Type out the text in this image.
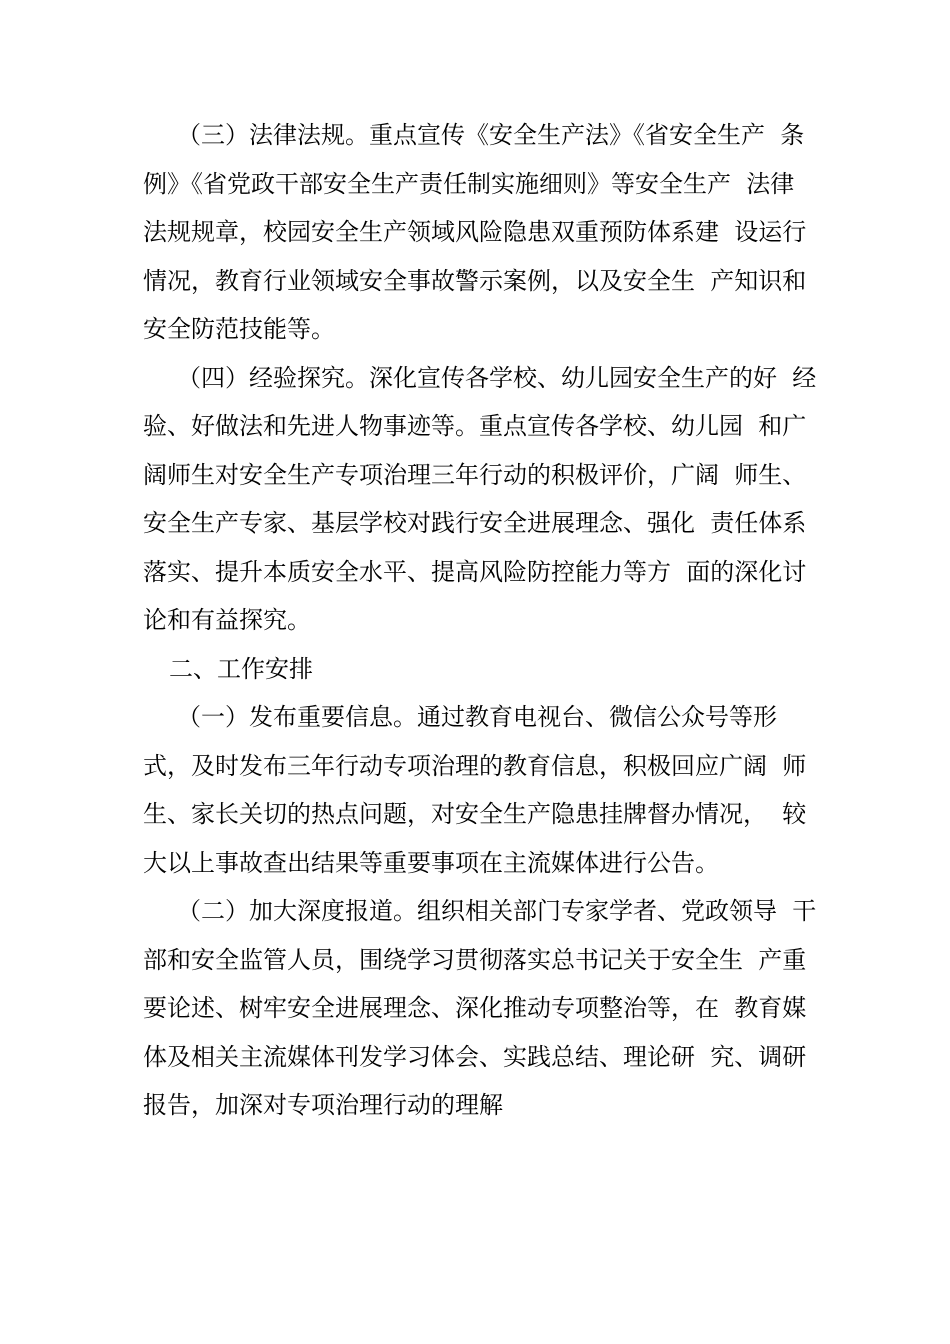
（三）法律法规。重点宣传《安全生产法》《省安全生产  条
例》《省党政干部安全生产责任制实施细则》等安全生产  法律
法规规章，校园安全生产领域风险隐患双重预防体系建  设运行
情况，教育行业领域安全事故警示案例，以及安全生  产知识和
安全防范技能等。
（四）经验探究。深化宣传各学校、幼儿园安全生产的好  经
验、好做法和先进人物事迹等。重点宣传各学校、幼儿园  和广
阔师生对安全生产专项治理三年行动的积极评价，广阔  师生、
安全生产专家、基层学校对践行安全进展理念、强化  责任体系
落实、提升本质安全水平、提高风险防控能力等方  面的深化讨
论和有益探究。
二、工作安排
（一）发布重要信息。通过教育电视台、微信公众号等形
式，及时发布三年行动专项治理的教育信息，积极回应广阔  师
生、家长关切的热点问题，对安全生产隐患挂牌督办情况，  较
大以上事故查出结果等重要事项在主流媒体进行公告。
（二）加大深度报道。组织相关部门专家学者、党政领导  干
部和安全监管人员，围绕学习贯彻落实总书记关于安全生  产重
要论述、树牢安全进展理念、深化推动专项整治等，在  教育媒
体及相关主流媒体刊发学习体会、实践总结、理论研  究、调研
报告，加深对专项治理行动的理解
